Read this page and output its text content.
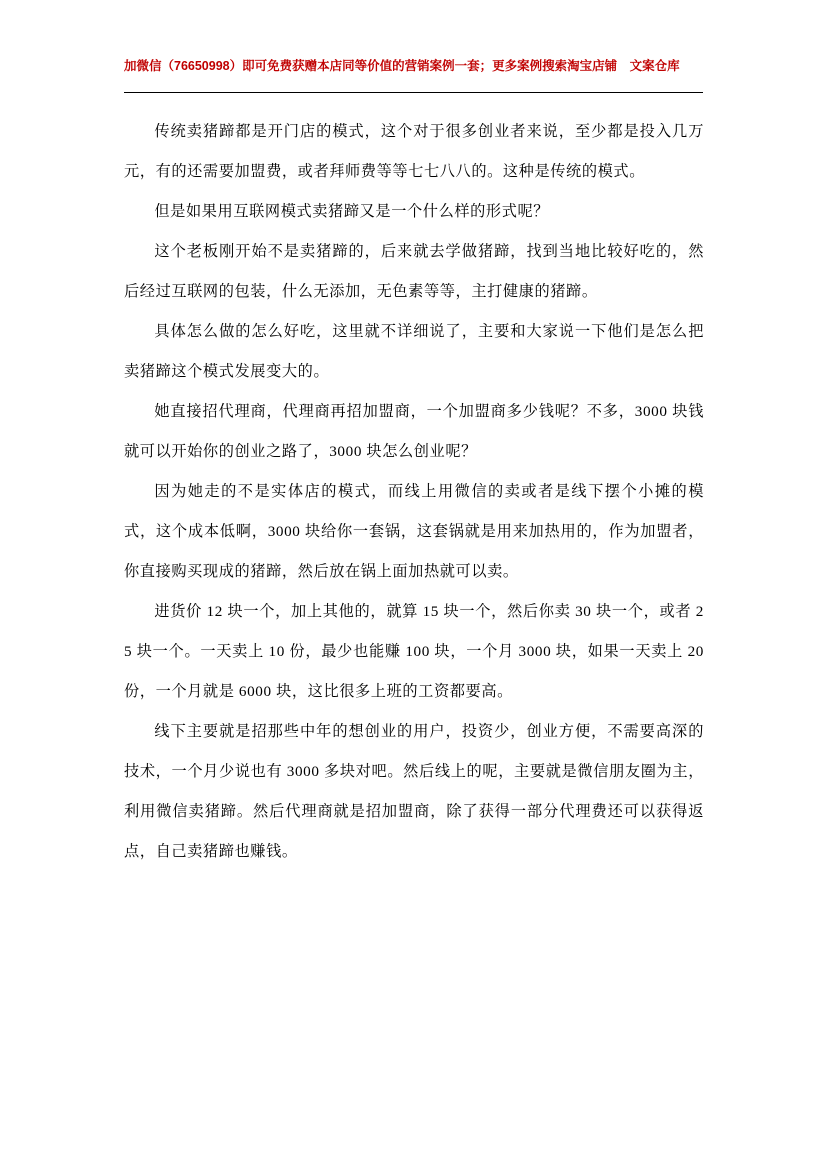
加微信（76650998）即可免费获赠本店同等价值的营销案例一套；更多案例搜索淘宝店铺　文案仓库

传统卖猪蹄都是开门店的模式，这个对于很多创业者来说，至少都是投入几万元，有的还需要加盟费，或者拜师费等等七七八八的。这种是传统的模式。

但是如果用互联网模式卖猪蹄又是一个什么样的形式呢？

这个老板刚开始不是卖猪蹄的，后来就去学做猪蹄，找到当地比较好吃的，然后经过互联网的包装，什么无添加，无色素等等，主打健康的猪蹄。

具体怎么做的怎么好吃，这里就不详细说了，主要和大家说一下他们是怎么把卖猪蹄这个模式发展变大的。

她直接招代理商，代理商再招加盟商，一个加盟商多少钱呢？不多，3000 块钱就可以开始你的创业之路了，3000 块怎么创业呢？

因为她走的不是实体店的模式，而线上用微信的卖或者是线下摆个小摊的模式，这个成本低啊，3000 块给你一套锅，这套锅就是用来加热用的，作为加盟者，你直接购买现成的猪蹄，然后放在锅上面加热就可以卖。

进货价 12 块一个，加上其他的，就算 15 块一个，然后你卖 30 块一个，或者 25 块一个。一天卖上 10 份，最少也能赚 100 块，一个月 3000 块，如果一天卖上 20 份，一个月就是 6000 块，这比很多上班的工资都要高。

线下主要就是招那些中年的想创业的用户，投资少，创业方便，不需要高深的技术，一个月少说也有 3000 多块对吧。然后线上的呢，主要就是微信朋友圈为主，利用微信卖猪蹄。然后代理商就是招加盟商，除了获得一部分代理费还可以获得返点，自己卖猪蹄也赚钱。
